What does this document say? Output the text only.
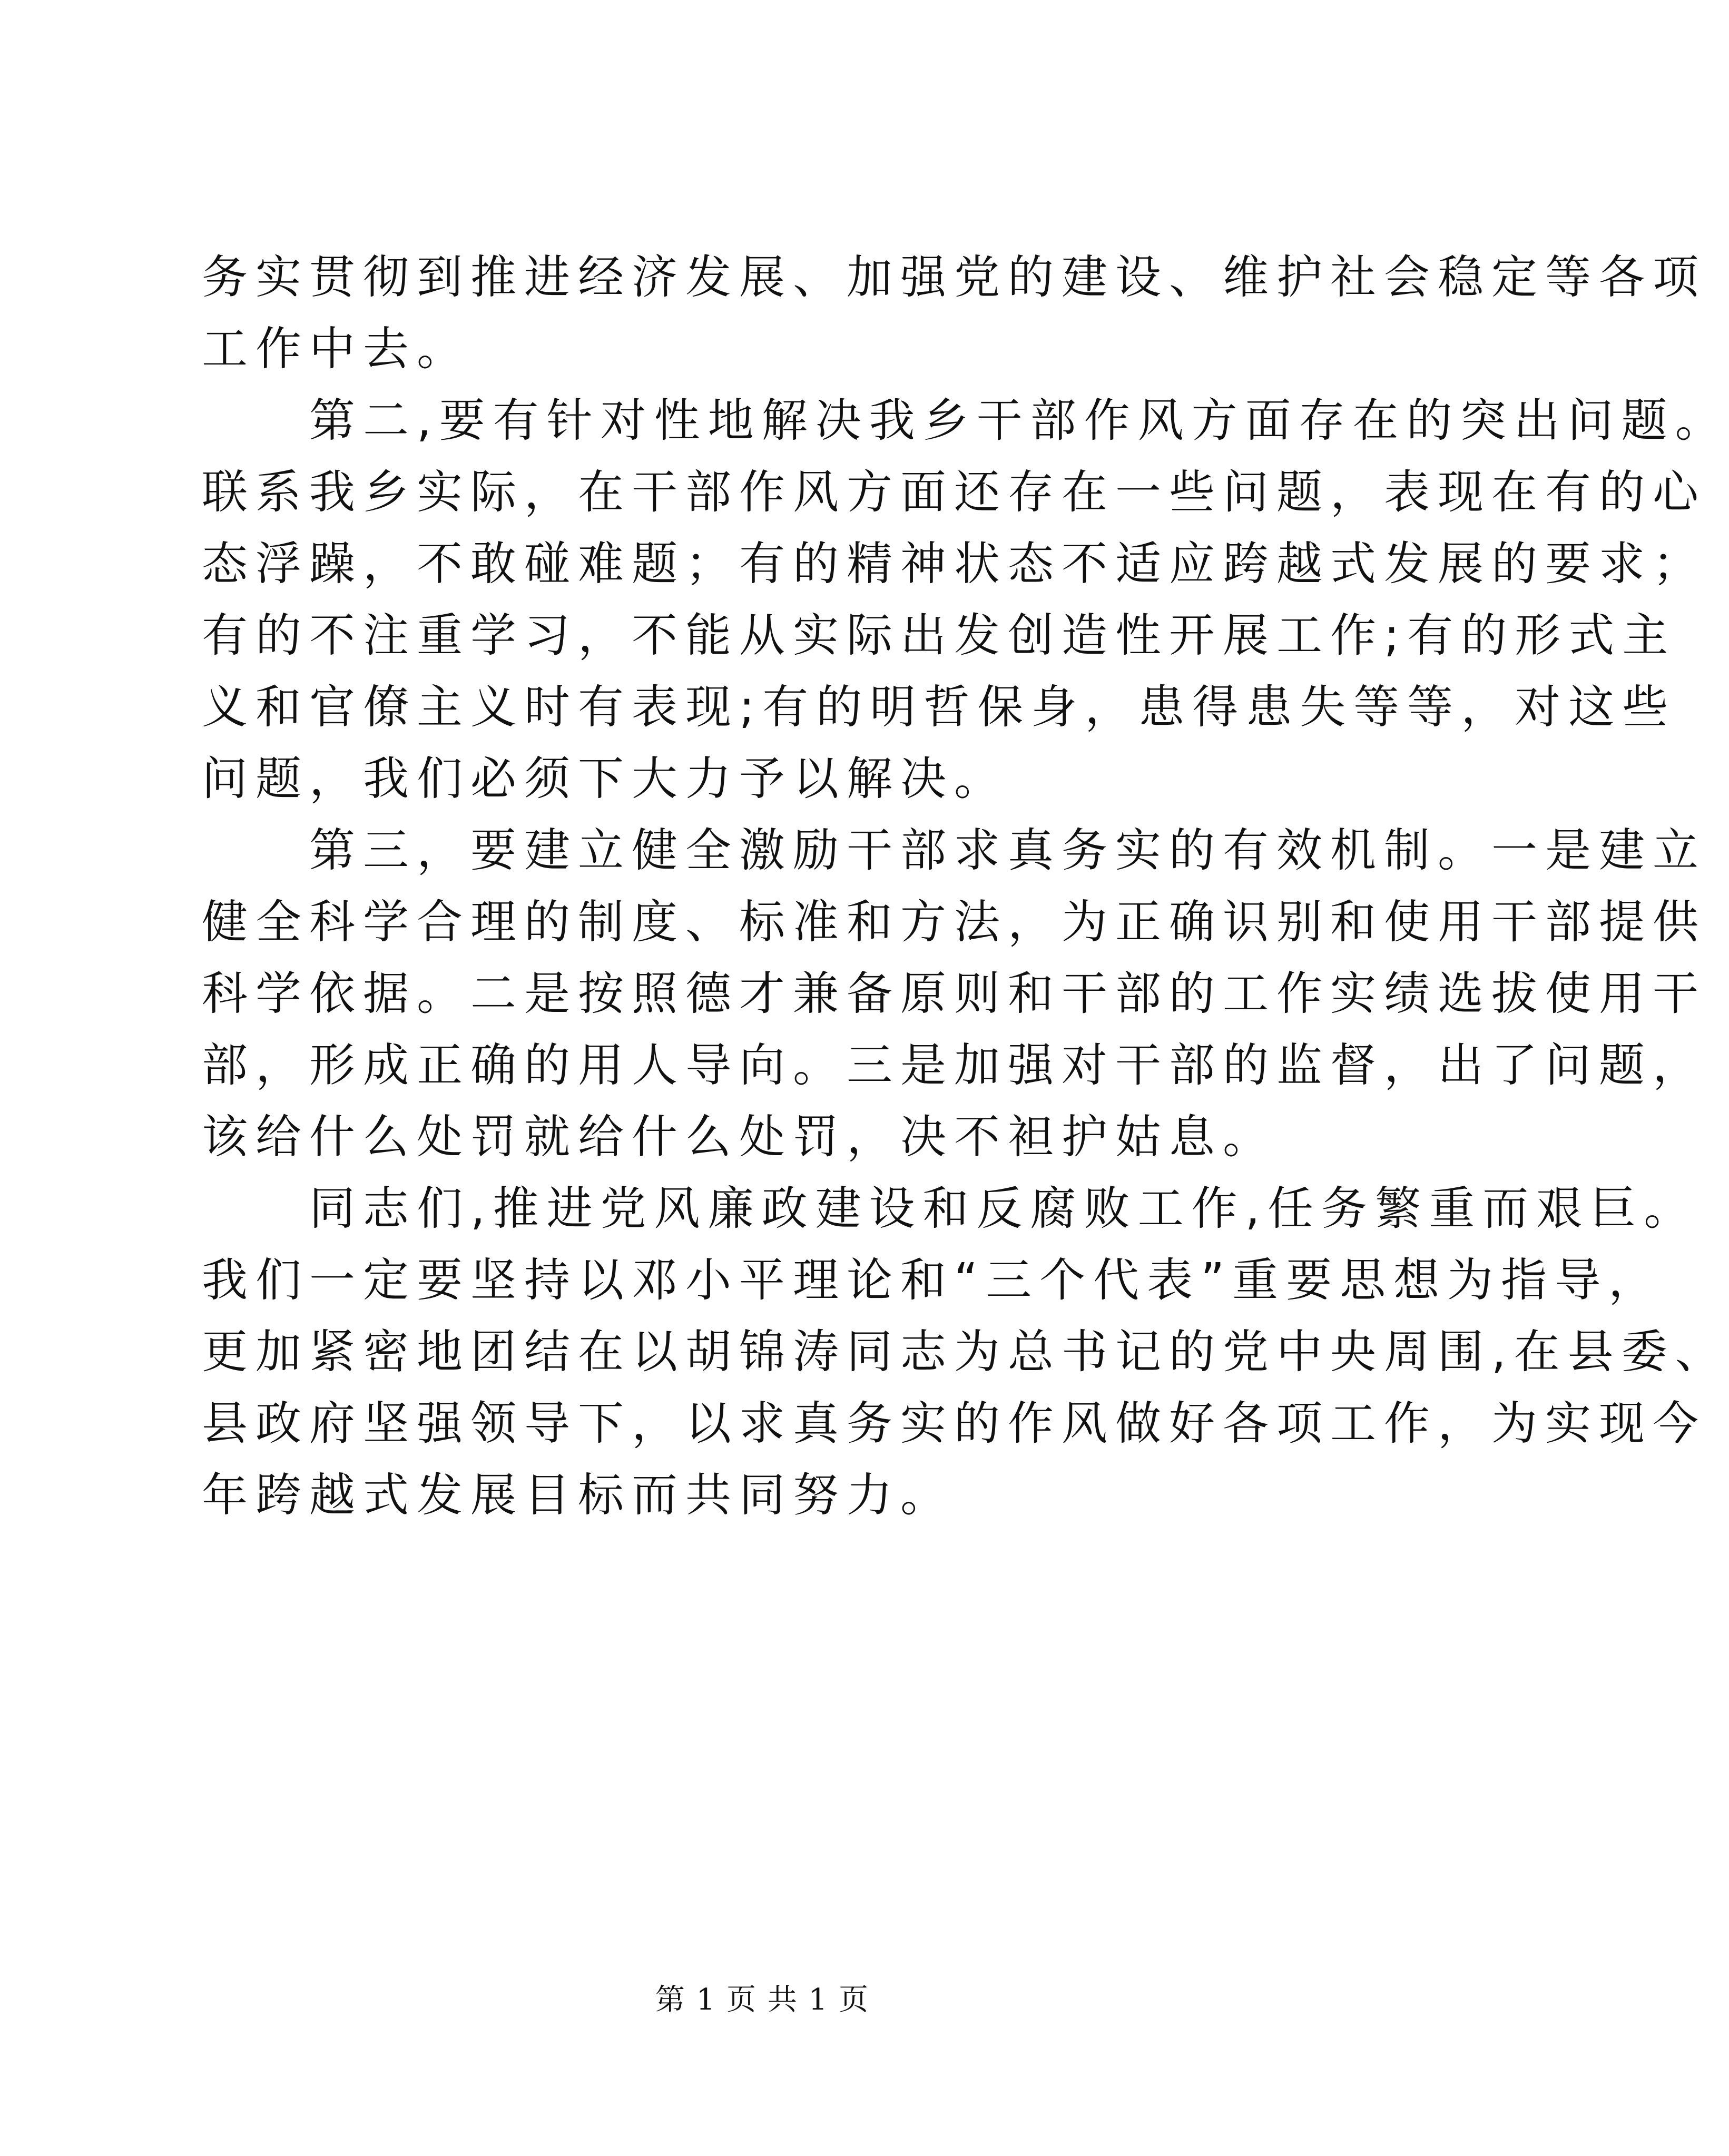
务实贯彻到推进经济发展、加强党的建设、维护社会稳定等各项
工作中去。
　　第二,要有针对性地解决我乡干部作风方面存在的突出问题。
联系我乡实际，在干部作风方面还存在一些问题，表现在有的心
态浮躁，不敢碰难题；有的精神状态不适应跨越式发展的要求；
有的不注重学习，不能从实际出发创造性开展工作;有的形式主
义和官僚主义时有表现;有的明哲保身，患得患失等等，对这些
问题，我们必须下大力予以解决。
　　第三，要建立健全激励干部求真务实的有效机制。一是建立
健全科学合理的制度、标准和方法，为正确识别和使用干部提供
科学依据。二是按照德才兼备原则和干部的工作实绩选拔使用干
部，形成正确的用人导向。三是加强对干部的监督，出了问题，
该给什么处罚就给什么处罚，决不袒护姑息。
　　同志们,推进党风廉政建设和反腐败工作,任务繁重而艰巨。
我们一定要坚持以邓小平理论和“三个代表”重要思想为指导，
更加紧密地团结在以胡锦涛同志为总书记的党中央周围,在县委、
县政府坚强领导下，以求真务实的作风做好各项工作，为实现今
年跨越式发展目标而共同努力。
第 1 页 共 1 页
